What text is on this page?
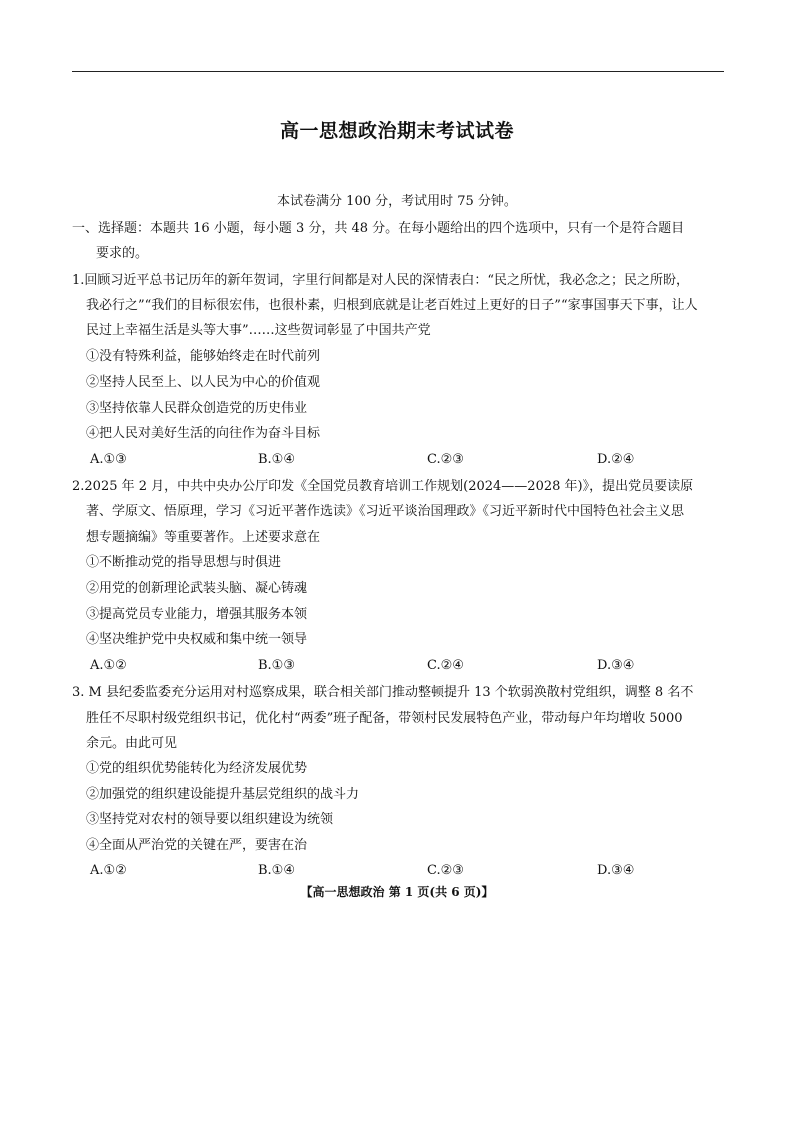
高一思想政治期末考试试卷
本试卷满分 100 分，考试用时 75 分钟。
一、选择题：本题共 16 小题，每小题 3 分，共 48 分。在每小题给出的四个选项中，只有一个是符合题目
要求的。
1.回顾习近平总书记历年的新年贺词，字里行间都是对人民的深情表白：“民之所忧，我必念之；民之所盼，
我必行之”“我们的目标很宏伟，也很朴素，归根到底就是让老百姓过上更好的日子”“家事国事天下事，让人
民过上幸福生活是头等大事”……这些贺词彰显了中国共产党
①没有特殊利益，能够始终走在时代前列
②坚持人民至上、以人民为中心的价值观
③坚持依靠人民群众创造党的历史伟业
④把人民对美好生活的向往作为奋斗目标
A.①③	B.①④	C.②③	D.②④
2.2025 年 2 月，中共中央办公厅印发《全国党员教育培训工作规划(2024——2028 年)》，提出党员要读原
著、学原文、悟原理，学习《习近平著作选读》《习近平谈治国理政》《习近平新时代中国特色社会主义思
想专题摘编》等重要著作。上述要求意在
①不断推动党的指导思想与时俱进
②用党的创新理论武装头脑、凝心铸魂
③提高党员专业能力，增强其服务本领
④坚决维护党中央权威和集中统一领导
A.①②	B.①③	C.②④	D.③④
3. M 县纪委监委充分运用对村巡察成果，联合相关部门推动整顿提升 13 个软弱涣散村党组织，调整 8 名不
胜任不尽职村级党组织书记，优化村“两委”班子配备，带领村民发展特色产业，带动每户年均增收 5000
余元。由此可见
①党的组织优势能转化为经济发展优势
②加强党的组织建设能提升基层党组织的战斗力
③坚持党对农村的领导要以组织建设为统领
④全面从严治党的关键在严，要害在治
A.①②	B.①④	C.②③	D.③④
【高一思想政治 第 1 页(共 6 页)】
